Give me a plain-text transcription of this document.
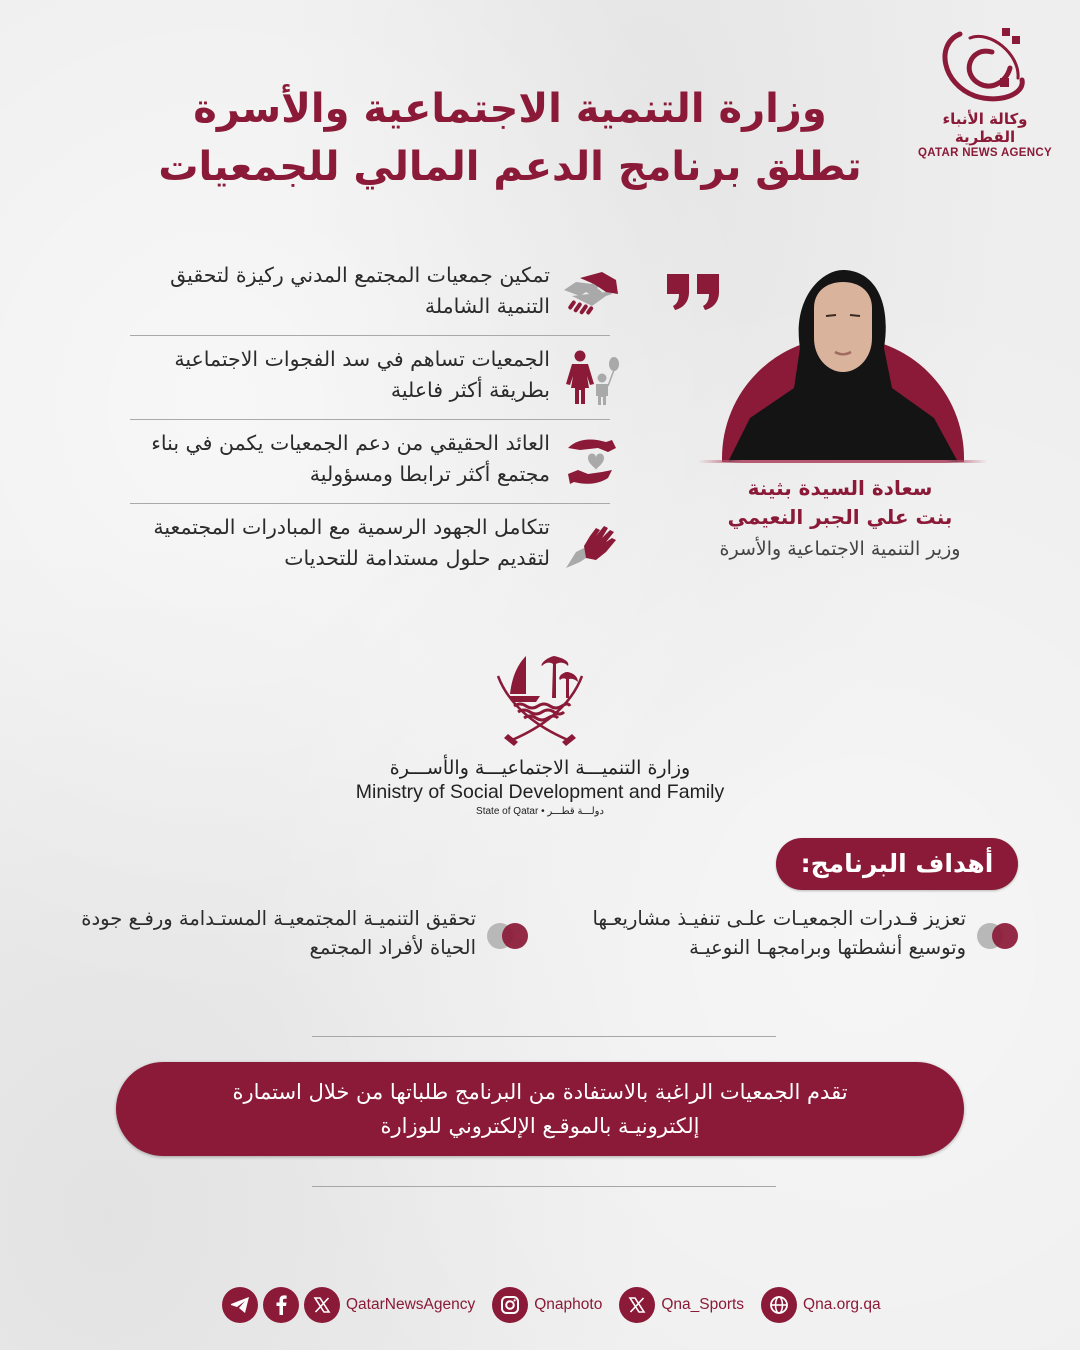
وكالة الأنباء القطرية
QATAR NEWS AGENCY
وزارة التنمية الاجتماعية والأسرة
تطلق برنامج الدعم المالي للجمعيات
تمكين جمعيات المجتمع المدني ركيزة لتحقيق التنمية الشاملة
الجمعيات تساهم في سد الفجوات الاجتماعية بطريقة أكثر فاعلية
العائد الحقيقي من دعم الجمعيات يكمن في بناء مجتمع أكثر ترابطا ومسؤولية
تتكامل الجهود الرسمية مع المبادرات المجتمعية لتقديم حلول مستدامة للتحديات
سعادة السيدة بثينة
بنت علي الجبر النعيمي
وزير التنمية الاجتماعية والأسرة
وزارة التنميـــة الاجتماعيـــة والأســـرة
Ministry of Social Development and Family
State of Qatar • دولـــة قطـــر
أهداف البرنامج:
تعزيز قـدرات الجمعيـات علـى تنفيـذ مشاريعـها وتوسيع أنشطتها وبرامجهـا النوعيـة
تحقيق التنميـة المجتمعيـة المستـدامة ورفـع جودة الحياة لأفراد المجتمع
تقدم الجمعيات الراغبة بالاستفادة من البرنامج طلباتها من خلال استمارة
إلكترونيـة بالموقـع الإلكتروني للوزارة
QatarNewsAgency	Qnaphoto	Qna_Sports	Qna.org.qa
